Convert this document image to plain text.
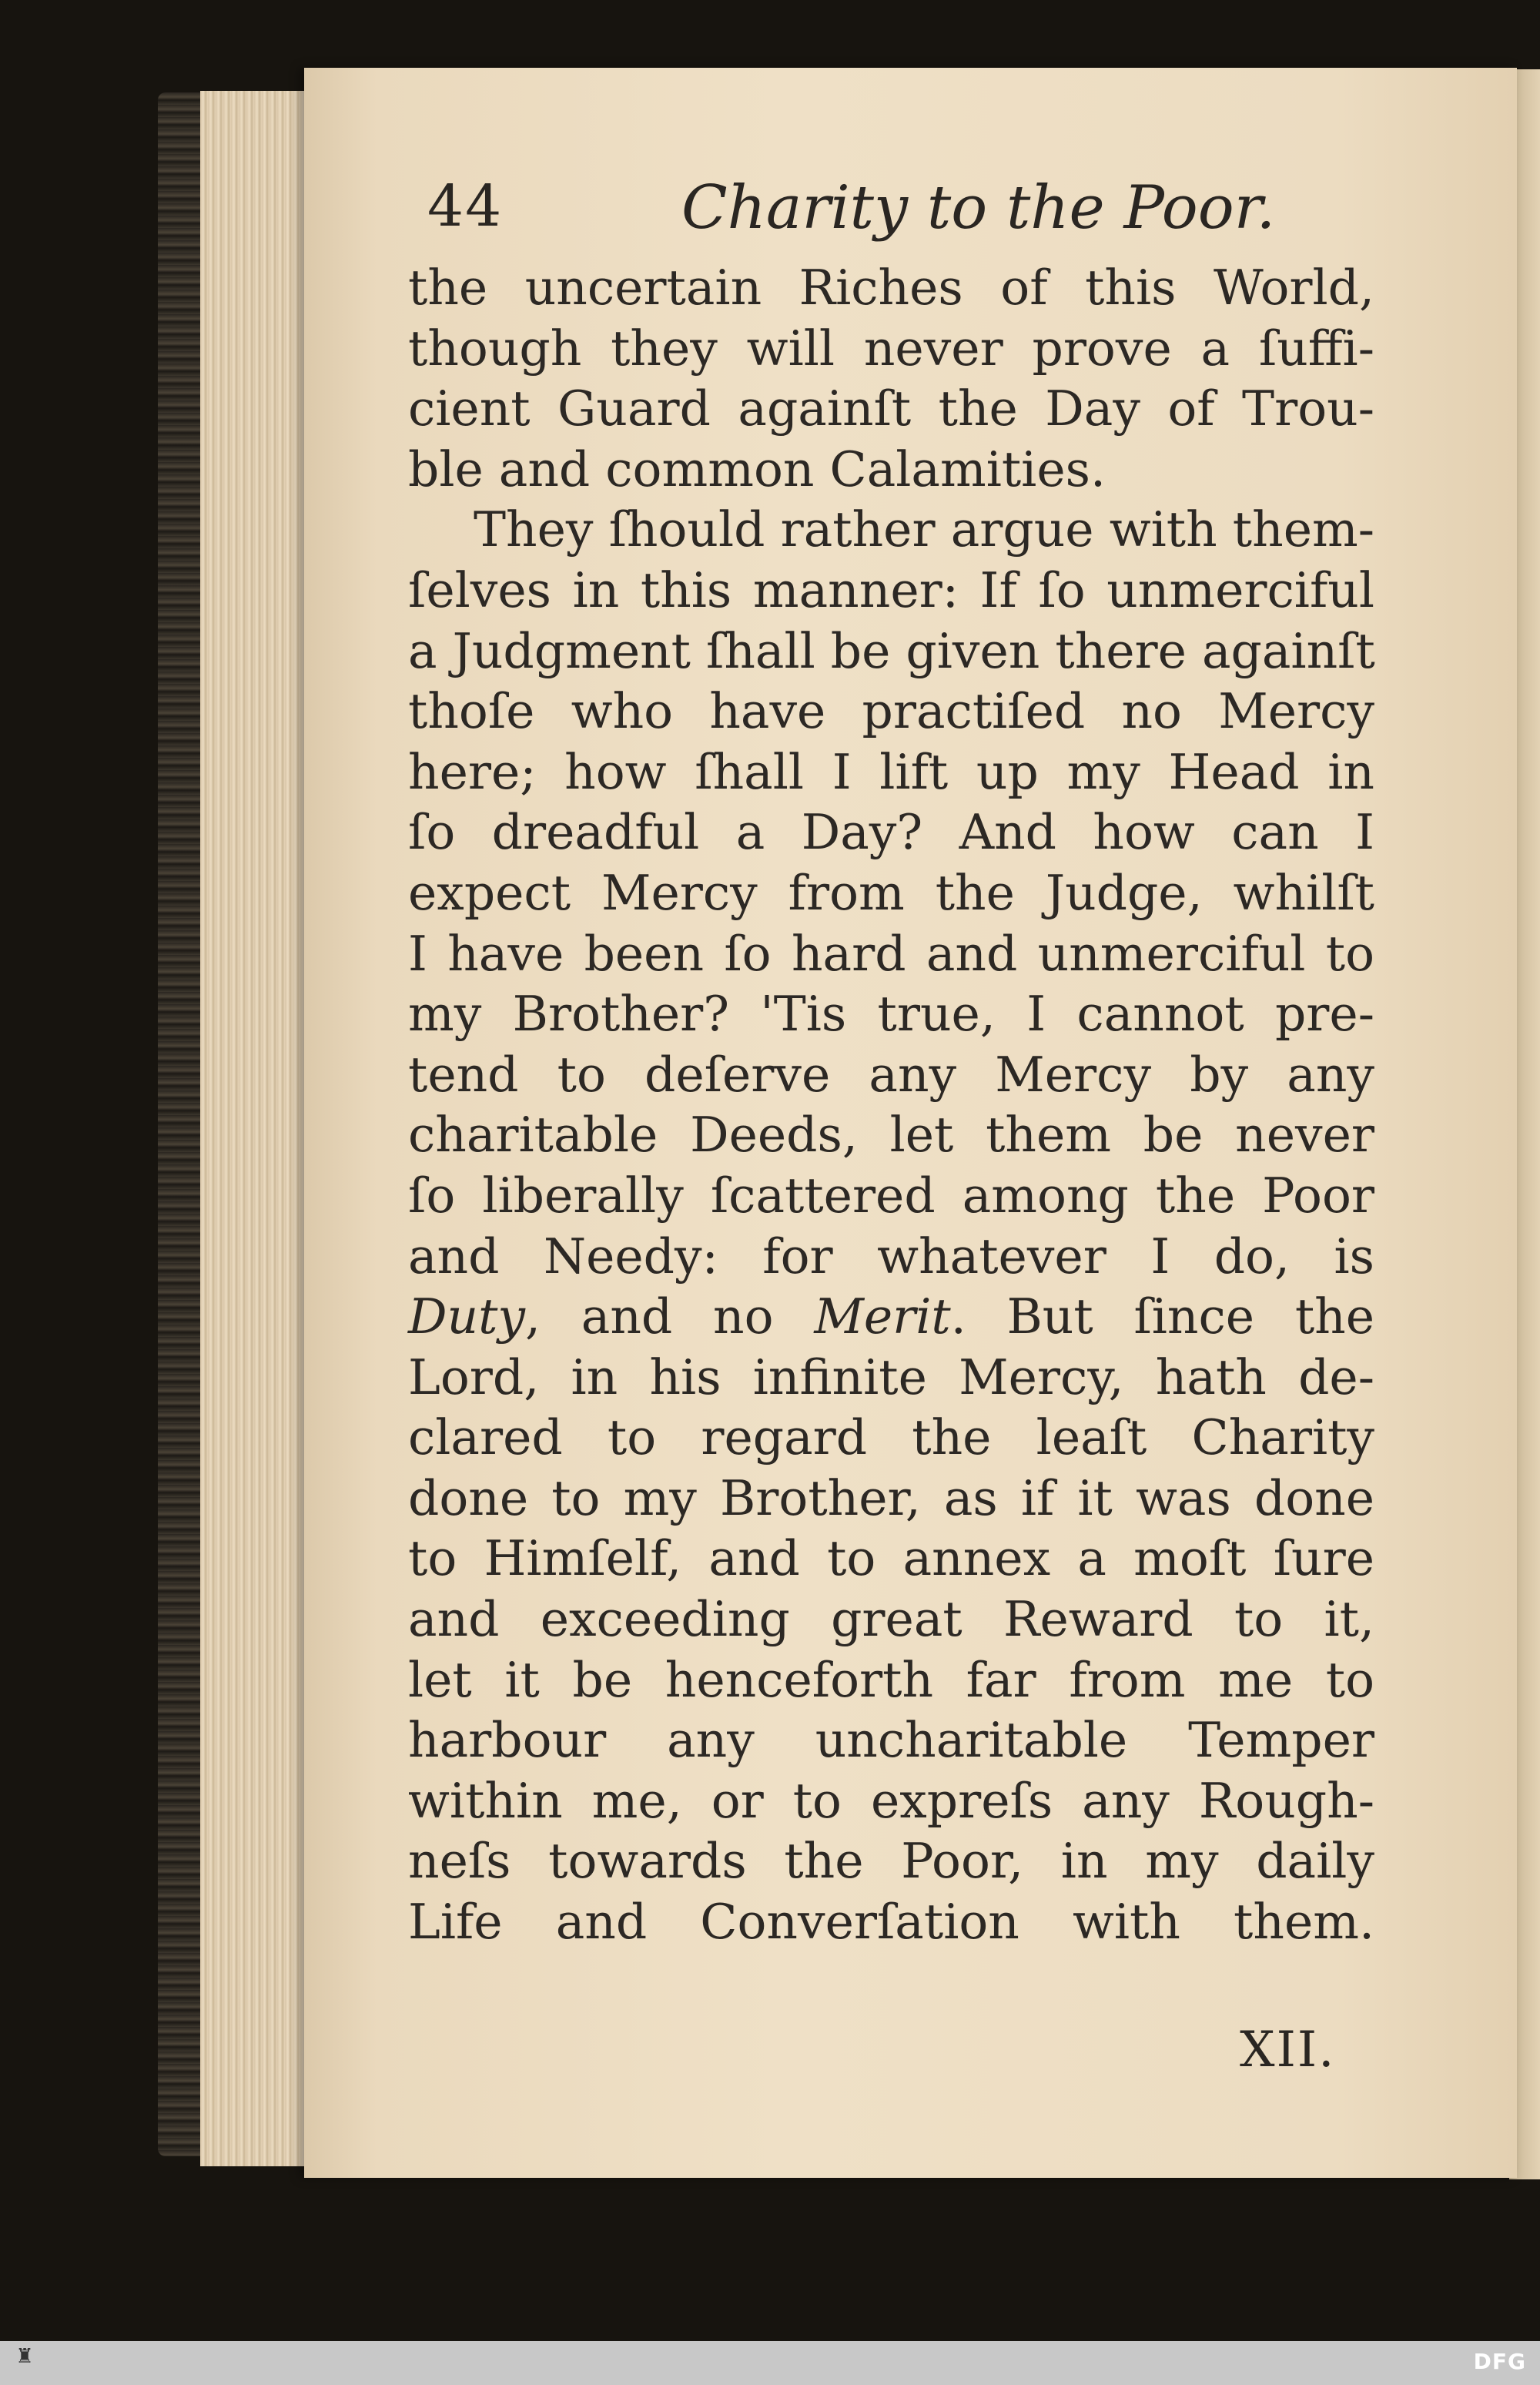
44	Charity to the Poor.
the uncertain Riches of this World,
though they will never prove a ſuffi-
cient Guard againſt the Day of Trou-
ble and common Calamities.
They ſhould rather argue with them-
ſelves in this manner: If ſo unmerciful
a Judgment ſhall be given there againſt
thoſe who have practiſed no Mercy
here; how ſhall I lift up my Head in
ſo dreadful a Day? And how can I
expect Mercy from the Judge, whilſt
I have been ſo hard and unmerciful to
my Brother? 'Tis true, I cannot pre-
tend to deſerve any Mercy by any
charitable Deeds, let them be never
ſo liberally ſcattered among the Poor
and Needy: for whatever I do, is
Duty, and no Merit. But ſince the
Lord, in his infinite Mercy, hath de-
clared to regard the leaſt Charity
done to my Brother, as if it was done
to Himſelf, and to annex a moſt ſure
and exceeding great Reward to it,
let it be henceforth far from me to
harbour any uncharitable Temper
within me, or to expreſs any Rough-
neſs towards the Poor, in my daily
Life and Converſation with them.
XII.
♜	DFG
